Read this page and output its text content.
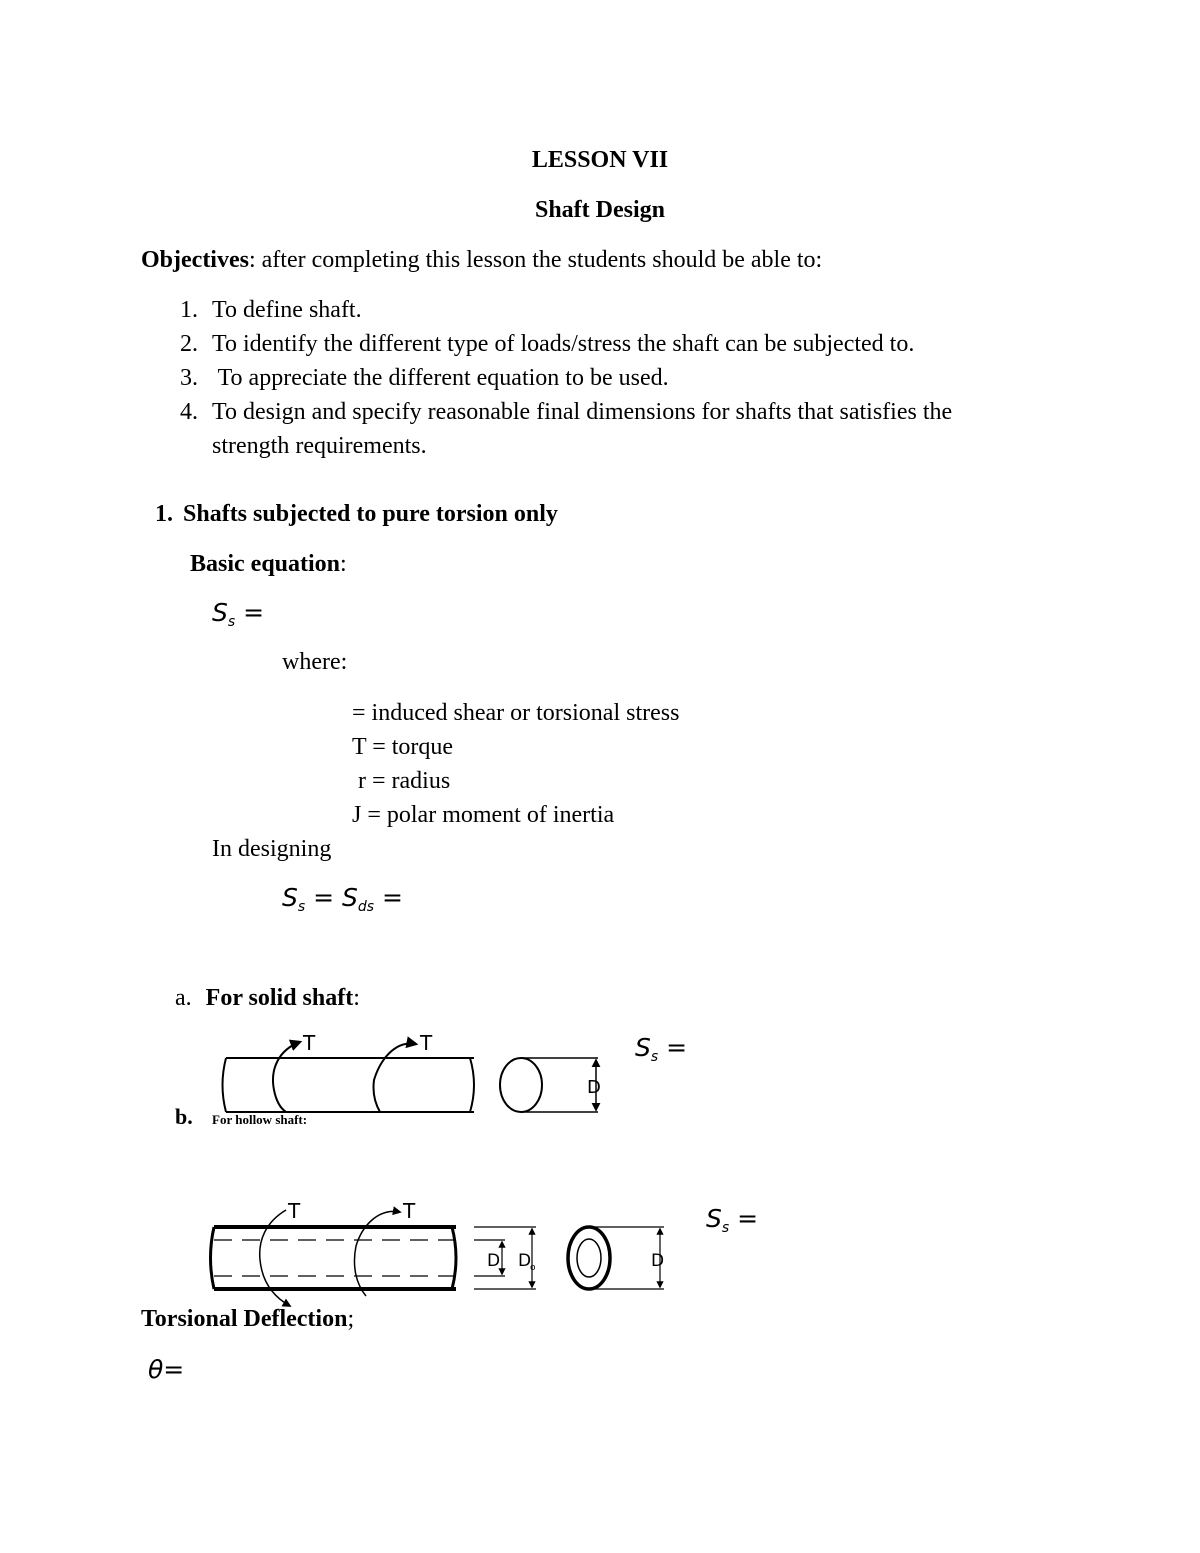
LESSON VII
Shaft Design
Objectives: after completing this lesson the students should be able to:
1. To define shaft.
2. To identify the different type of loads/stress the shaft can be subjected to.
3. To appreciate the different equation to be used.
4. To design and specify reasonable final dimensions for shafts that satisfies the
strength requirements.
1. Shafts subjected to pure torsion only
Basic equation:
$S_s$ =
where:
= induced shear or torsional stress
T = torque
r = radius
J = polar moment of inertia
In designing
$S_s = S_{ds}$ =
a. For solid shaft:
T	T
D
$S_s$ =
b. For hollow shaft:
T	T
D D
o	D
$S_s$ =
Torsional Deflection;
θ=
